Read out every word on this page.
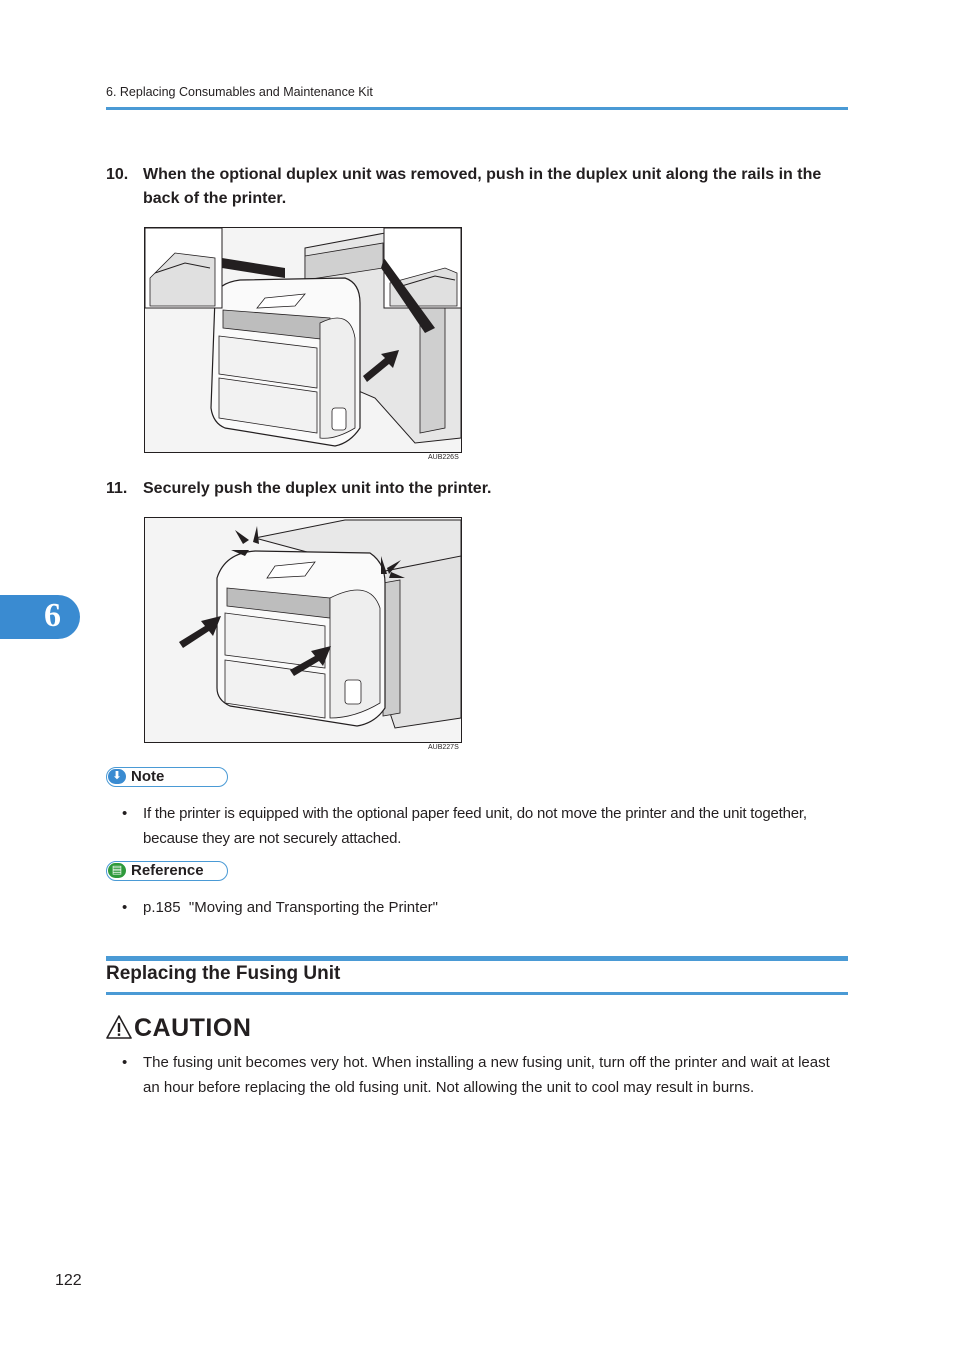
6. Replacing Consumables and Maintenance Kit
10. When the optional duplex unit was removed, push in the duplex unit along the rails in the back of the printer.
AUB226S
11. Securely push the duplex unit into the printer.
AUB227S
⬇ Note
• If the printer is equipped with the optional paper feed unit, do not move the printer and the unit together, because they are not securely attached.
▤ Reference
• p.185  "Moving and Transporting the Printer"
Replacing the Fusing Unit
CAUTION
• The fusing unit becomes very hot. When installing a new fusing unit, turn off the printer and wait at least an hour before replacing the old fusing unit. Not allowing the unit to cool may result in burns.
6
122
